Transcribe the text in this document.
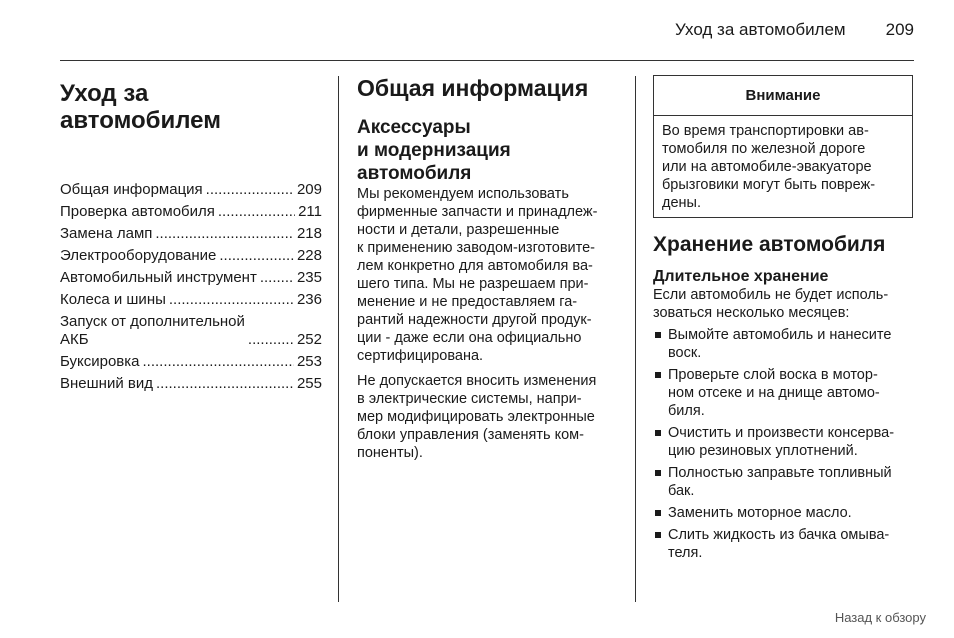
Уход за автомобилем 209
Уход за
автомобилем
Общая информация .....	209
Проверка автомобиля .....	211
Замена ламп .....	218
Электрооборудование .....	228
Автомобильный инструмент .....	235
Колеса и шины .....	236
Запуск от дополнительной
АКБ .....	252
Буксировка .....	253
Внешний вид .....	255
Общая информация
Аксессуары
и модернизация
автомобиля

Мы рекомендуем использовать
фирменные запчасти и принадлеж-
ности и детали, разрешенные
к применению заводом-изготовите-
лем конкретно для автомобиля ва-
шего типа. Мы не разрешаем при-
менение и не предоставляем га-
рантий надежности другой продук-
ции - даже если она официально
сертифицирована.

Не допускается вносить изменения
в электрические системы, напри-
мер модифицировать электронные
блоки управления (заменять ком-
поненты).

Внимание
Во время транспортировки ав-
томобиля по железной дороге
или на автомобиле-эвакуаторе
брызговики могут быть повреж-
дены.
Хранение автомобиля
Длительное хранение

Если автомобиль не будет исполь-
зоваться несколько месяцев:

Вымойте автомобиль и нанесите
воск.
Проверьте слой воска в мотор-
ном отсеке и на днище автомо-
биля.
Очистить и произвести консерва-
цию резиновых уплотнений.
Полностью заправьте топливный
бак.
Заменить моторное масло.
Слить жидкость из бачка омыва-
теля.
Назад к обзору
